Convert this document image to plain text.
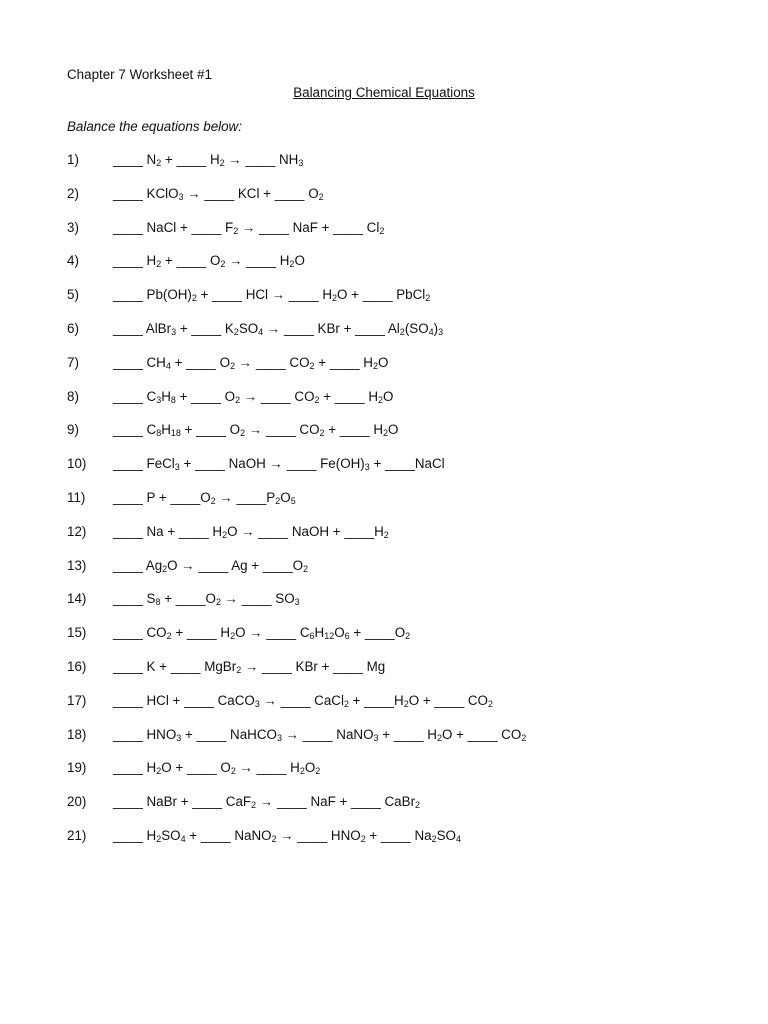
Chapter 7 Worksheet #1
Balancing Chemical Equations
Balance the equations below:
1)	____ $N_2$ + ____ $H_2$ → ____ $NH_3$
2)	____ KClO$_3$ → ____ KCl + ____ $O_2$
3)	____ NaCl + ____ $F_2$ → ____ NaF + ____ $Cl_2$
4)	____ $H_2$ + ____ $O_2$ → ____ $H_2O$
5)	____ $Pb(OH)_2$ + ____ HCl → ____ $H_2O$ + ____ PbCl$_2$
6)	____ AlBr$_3$ + ____ $K_2SO_4$ → ____ KBr + ____ $Al_2(SO_4)_3$
7)	____ $CH_4$ + ____ $O_2$ → ____ $CO_2$ + ____ $H_2O$
8)	____ $C_3H_8$ + ____ $O_2$ → ____ $CO_2$ + ____ $H_2O$
9)	____ $C_8H_{18}$ + ____ $O_2$ → ____ $CO_2$ + ____ $H_2O$
10) ____ FeCl$_3$ + ____ NaOH → ____ $Fe(OH)_3$ + ____NaCl
11) ____ $P + \_\_\_\_O_2$ → $\_\_\_\_P_2O_5$
12) ____ Na + ____ $H_2O$ → ____ NaOH + $\_\_\_\_H_2$
13) ____ $Ag_2O$ → ____ $Ag + \_\_\_\_O_2$
14) ____ $S_8$ + $\_\_\_\_O_2$ → ____ $SO_3$
15) ____ $CO_2$ + ____ $H_2O$ → ____ $C_6H_{12}O_6$ + $\_\_\_\_O_2$
16) ____ K + ____ MgBr$_2$ → ____ KBr + ____ Mg
17) ____ HCl + ____ CaCO$_3$ → ____ CaCl$_2$ + $\_\_\_\_H_2O$ + ____ $CO_2$
18) ____ $HNO_3$ + ____ NaHCO$_3$ → ____ NaNO$_3$ + ____ $H_2O$ + ____ $CO_2$
19) ____ $H_2O$ + ____ $O_2$ → ____ $H_2O_2$
20) ____ NaBr + ____ CaF$_2$ → ____ NaF + ____ CaBr$_2$
21) ____ $H_2SO_4$ + ____ NaNO$_2$ → ____ $HNO_2$ + ____ $Na_2SO_4$
